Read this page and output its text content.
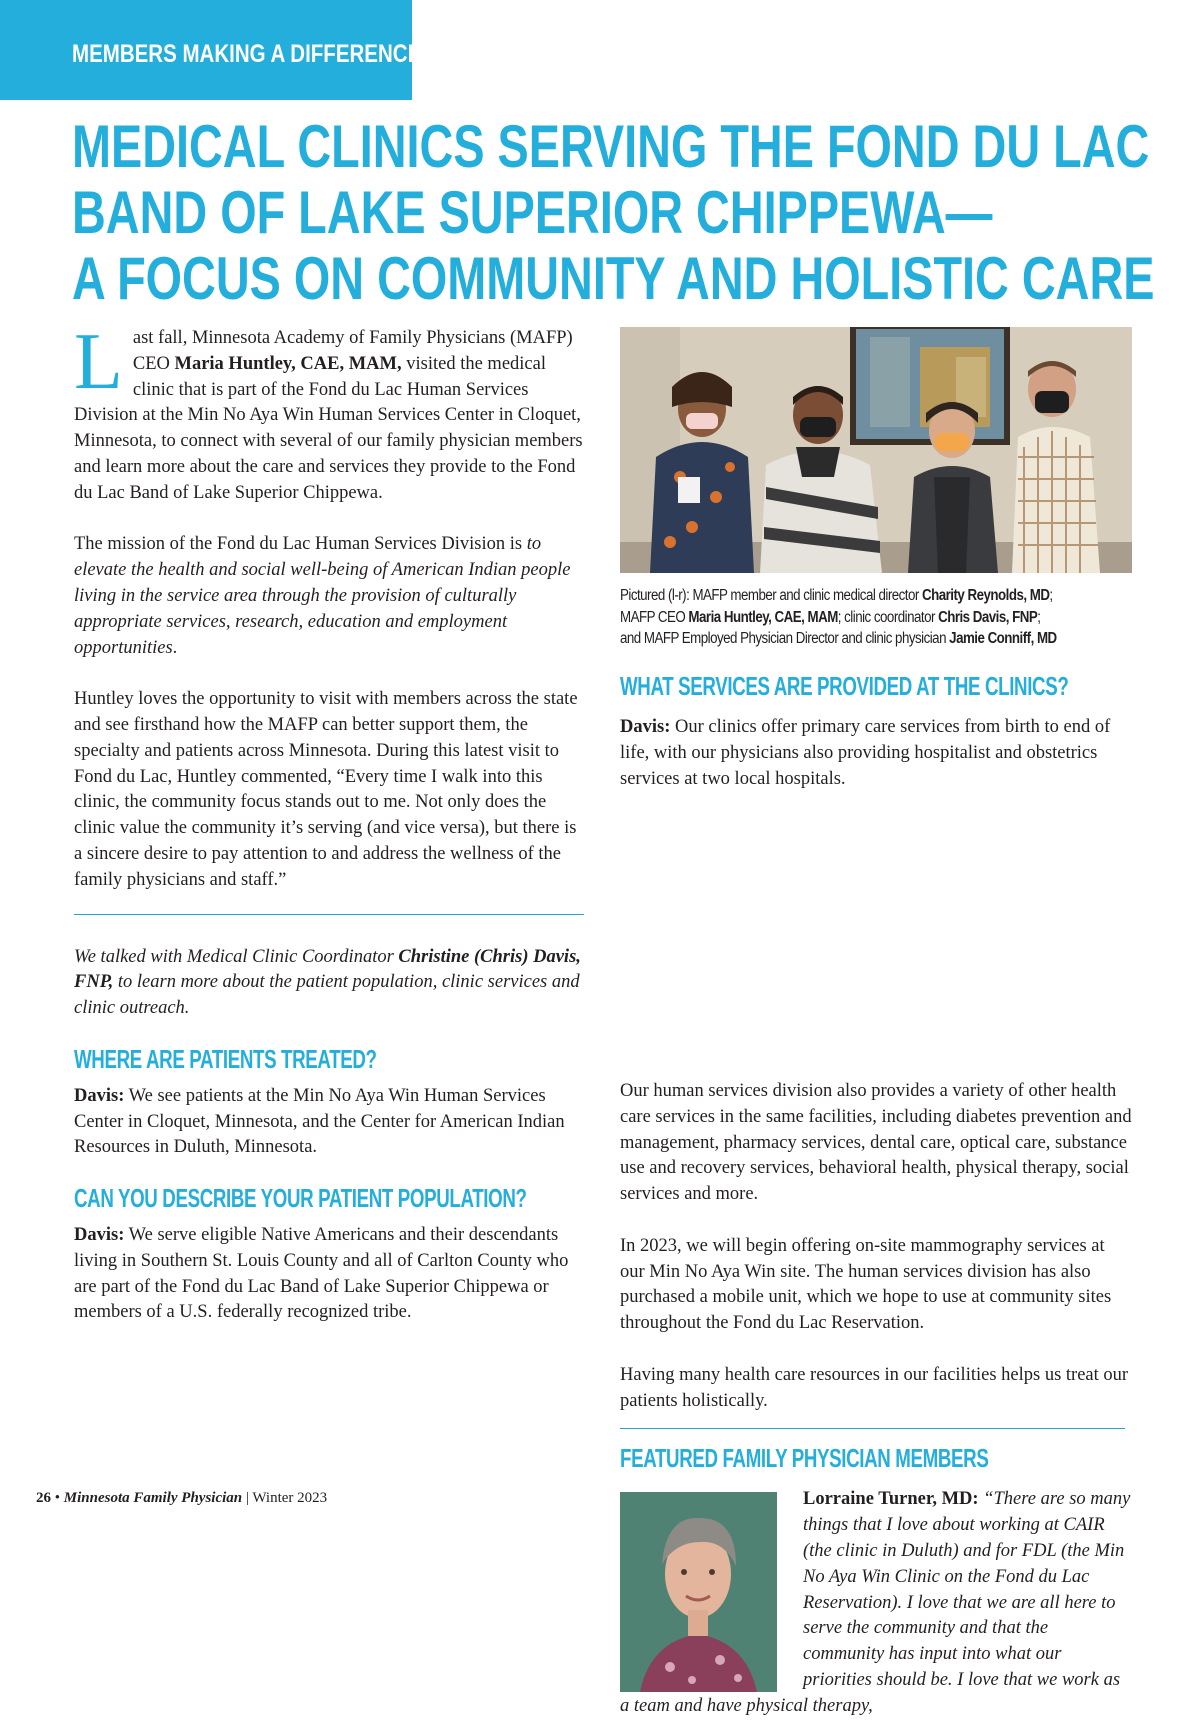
MEMBERS MAKING A DIFFERENCE
MEDICAL CLINICS SERVING THE FOND DU LAC
BAND OF LAKE SUPERIOR CHIPPEWA—
A FOCUS ON COMMUNITY AND HOLISTIC CARE

Last fall, Minnesota Academy of Family Physicians (MAFP) CEO Maria Huntley, CAE, MAM, visited the medical clinic that is part of the Fond du Lac Human Services Division at the Min No Aya Win Human Services Center in Cloquet, Minnesota, to connect with several of our family physician members and learn more about the care and services they provide to the Fond du Lac Band of Lake Superior Chippewa.

The mission of the Fond du Lac Human Services Division is to elevate the health and social well-being of American Indian people living in the service area through the provision of culturally appropriate services, research, education and employment opportunities.

Huntley loves the opportunity to visit with members across the state and see firsthand how the MAFP can better support them, the specialty and patients across Minnesota. During this latest visit to Fond du Lac, Huntley commented, “Every time I walk into this clinic, the community focus stands out to me. Not only does the clinic value the community it’s serving (and vice versa), but there is a sincere desire to pay attention to and address the wellness of the family physicians and staff.”

We talked with Medical Clinic Coordinator Christine (Chris) Davis, FNP, to learn more about the patient population, clinic services and clinic outreach.

WHERE ARE PATIENTS TREATED?

Davis: We see patients at the Min No Aya Win Human Services Center in Cloquet, Minnesota, and the Center for American Indian Resources in Duluth, Minnesota.

CAN YOU DESCRIBE YOUR PATIENT POPULATION?

Davis: We serve eligible Native Americans and their descendants living in Southern St. Louis County and all of Carlton County who are part of the Fond du Lac Band of Lake Superior Chippewa or members of a U.S. federally recognized tribe.

Pictured (l-r): MAFP member and clinic medical director Charity Reynolds, MD;
MAFP CEO Maria Huntley, CAE, MAM; clinic coordinator Chris Davis, FNP;
and MAFP Employed Physician Director and clinic physician Jamie Conniff, MD
WHAT SERVICES ARE PROVIDED AT THE CLINICS?

Davis: Our clinics offer primary care services from birth to end of life, with our physicians also providing hospitalist and obstetrics services at two local hospitals.

Our human services division also provides a variety of other health care services in the same facilities, including diabetes prevention and management, pharmacy services, dental care, optical care, substance use and recovery services, behavioral health, physical therapy, social services and more.

In 2023, we will begin offering on-site mammography services at our Min No Aya Win site. The human services division has also purchased a mobile unit, which we hope to use at community sites throughout the Fond du Lac Reservation.

Having many health care resources in our facilities helps us treat our patients holistically.

FEATURED FAMILY PHYSICIAN MEMBERS

Lorraine Turner, MD: “There are so many things that I love about working at CAIR (the clinic in Duluth) and for FDL (the Min No Aya Win Clinic on the Fond du Lac Reservation). I love that we are all here to serve the community and that the community has input into what our priorities should be. I love that we work as a team and have physical therapy,

26 • Minnesota Family Physician | Winter 2023
